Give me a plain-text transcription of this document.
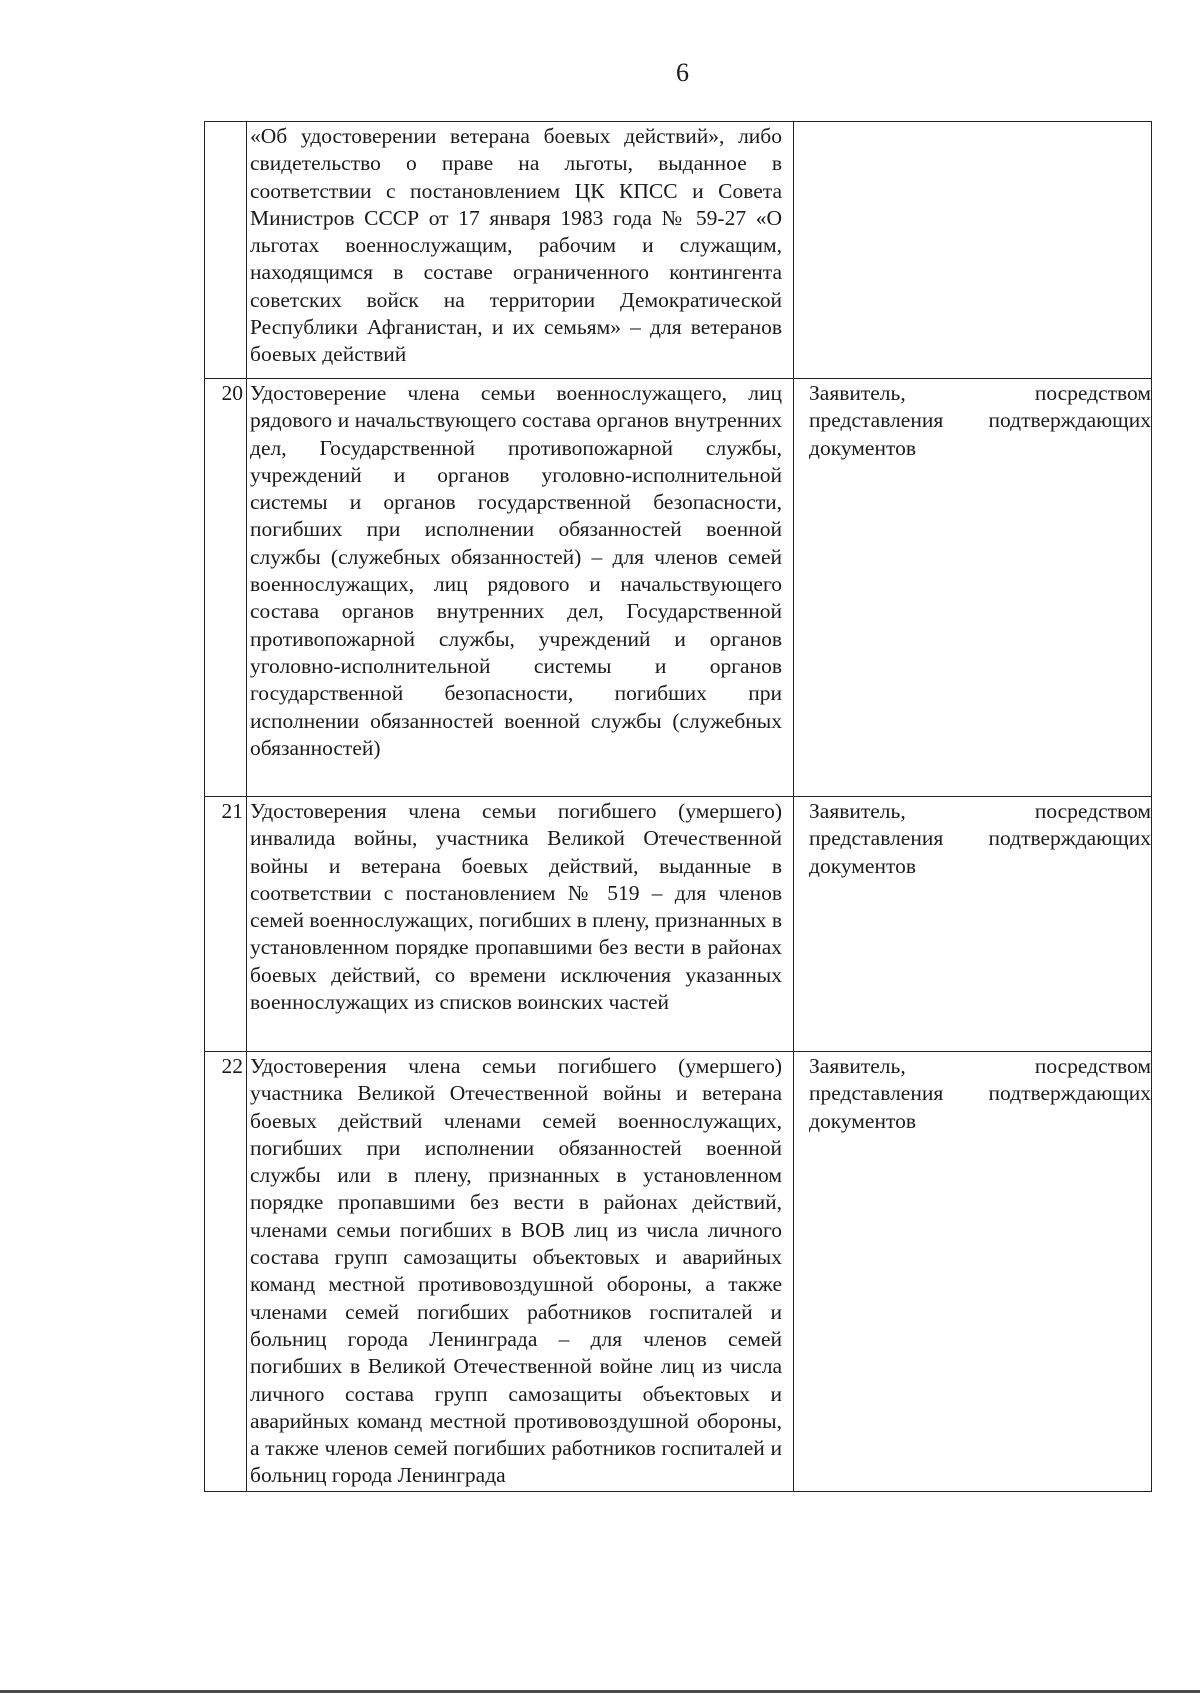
6
	«Об удостоверении ветерана боевых действий», либо свидетельство о праве на льготы, выданное в соответствии с постановлением ЦК КПСС и Совета Министров СССР от 17 января 1983 года № 59-27 «О льготах военнослужащим, рабочим и служащим, находящимся в составе ограниченного контингента советских войск на территории Демократической Республики Афганистан, и их семьям» – для ветеранов боевых действий	
20	Удостоверение члена семьи военнослужащего, лиц рядового и начальствующего состава органов внутренних дел, Государственной противопожарной службы, учреждений и органов уголовно-исполнительной системы и органов государственной безопасности, погибших при исполнении обязанностей военной службы (служебных обязанностей) – для членов семей военнослужащих, лиц рядового и начальствующего состава органов внутренних дел, Государственной противопожарной службы, учреждений и органов уголовно-исполнительной системы и органов государственной безопасности, погибших при исполнении обязанностей военной службы (служебных обязанностей)	Заявитель, посредством представления подтверждающих документов
21	Удостоверения члена семьи погибшего (умершего) инвалида войны, участника Великой Отечественной войны и ветерана боевых действий, выданные в соответствии с постановлением № 519 – для членов семей военнослужащих, погибших в плену, признанных в установленном порядке пропавшими без вести в районах боевых действий, со времени исключения указанных военнослужащих из списков воинских частей	Заявитель, посредством представления подтверждающих документов
22	Удостоверения члена семьи погибшего (умершего) участника Великой Отечественной войны и ветерана боевых действий членами семей военнослужащих, погибших при исполнении обязанностей военной службы или в плену, признанных в установленном порядке пропавшими без вести в районах действий, членами семьи погибших в ВОВ лиц из числа личного состава групп самозащиты объектовых и аварийных команд местной противовоздушной обороны, а также членами семей погибших работников госпиталей и больниц города Ленинграда – для членов семей погибших в Великой Отечественной войне лиц из числа личного состава групп самозащиты объектовых и аварийных команд местной противовоздушной обороны, а также членов семей погибших работников госпиталей и больниц города Ленинграда	Заявитель, посредством представления подтверждающих документов
